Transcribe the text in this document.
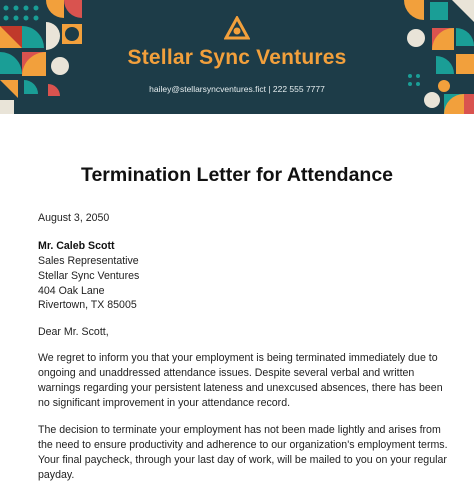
Stellar Sync Ventures
hailey@stellarsyncventures.fict | 222 555 7777
Termination Letter for Attendance
August 3, 2050
Mr. Caleb Scott
Sales Representative
Stellar Sync Ventures
404 Oak Lane
Rivertown, TX 85005
Dear Mr. Scott,
We regret to inform you that your employment is being terminated immediately due to
ongoing and unaddressed attendance issues. Despite several verbal and written
warnings regarding your persistent lateness and unexcused absences, there has been
no significant improvement in your attendance record.
The decision to terminate your employment has not been made lightly and arises from
the need to ensure productivity and adherence to our organization's employment terms.
Your final paycheck, through your last day of work, will be mailed to you on your regular
payday.
